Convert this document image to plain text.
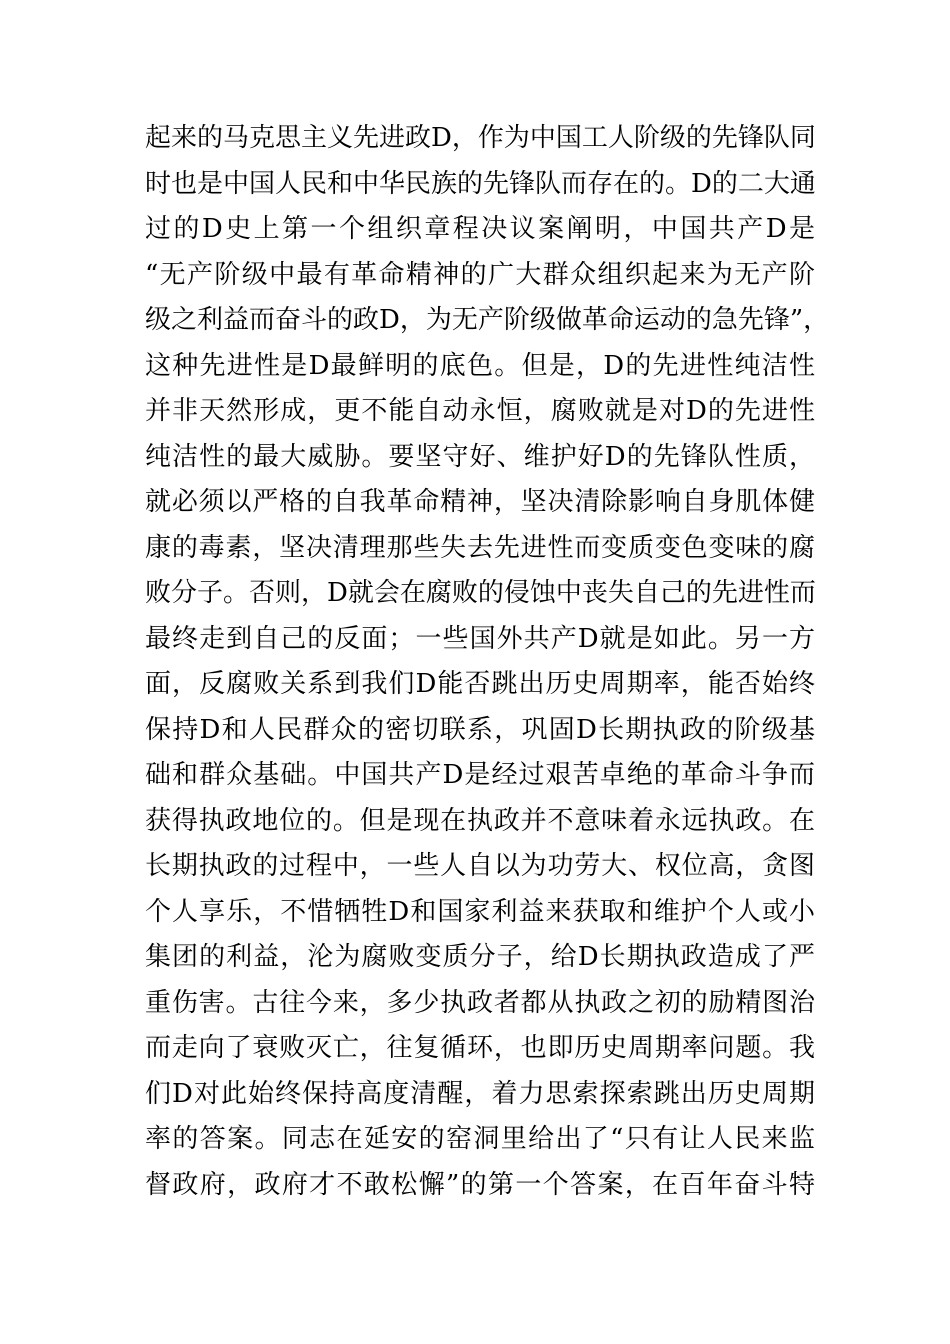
起来的马克思主义先进政D，作为中国工人阶级的先锋队同
时也是中国人民和中华民族的先锋队而存在的。D的二大通
过的D史上第一个组织章程决议案阐明，中国共产D是
“无产阶级中最有革命精神的广大群众组织起来为无产阶
级之利益而奋斗的政D，为无产阶级做革命运动的急先锋”，
这种先进性是D最鲜明的底色。但是，D的先进性纯洁性
并非天然形成，更不能自动永恒，腐败就是对D的先进性
纯洁性的最大威胁。要坚守好、维护好D的先锋队性质，
就必须以严格的自我革命精神，坚决清除影响自身肌体健
康的毒素，坚决清理那些失去先进性而变质变色变味的腐
败分子。否则，D就会在腐败的侵蚀中丧失自己的先进性而
最终走到自己的反面；一些国外共产D就是如此。另一方
面，反腐败关系到我们D能否跳出历史周期率，能否始终
保持D和人民群众的密切联系，巩固D长期执政的阶级基
础和群众基础。中国共产D是经过艰苦卓绝的革命斗争而
获得执政地位的。但是现在执政并不意味着永远执政。在
长期执政的过程中，一些人自以为功劳大、权位高，贪图
个人享乐，不惜牺牲D和国家利益来获取和维护个人或小
集团的利益，沦为腐败变质分子，给D长期执政造成了严
重伤害。古往今来，多少执政者都从执政之初的励精图治
而走向了衰败灭亡，往复循环，也即历史周期率问题。我
们D对此始终保持高度清醒，着力思索探索跳出历史周期
率的答案。同志在延安的窑洞里给出了“只有让人民来监
督政府，政府才不敢松懈”的第一个答案，在百年奋斗特
